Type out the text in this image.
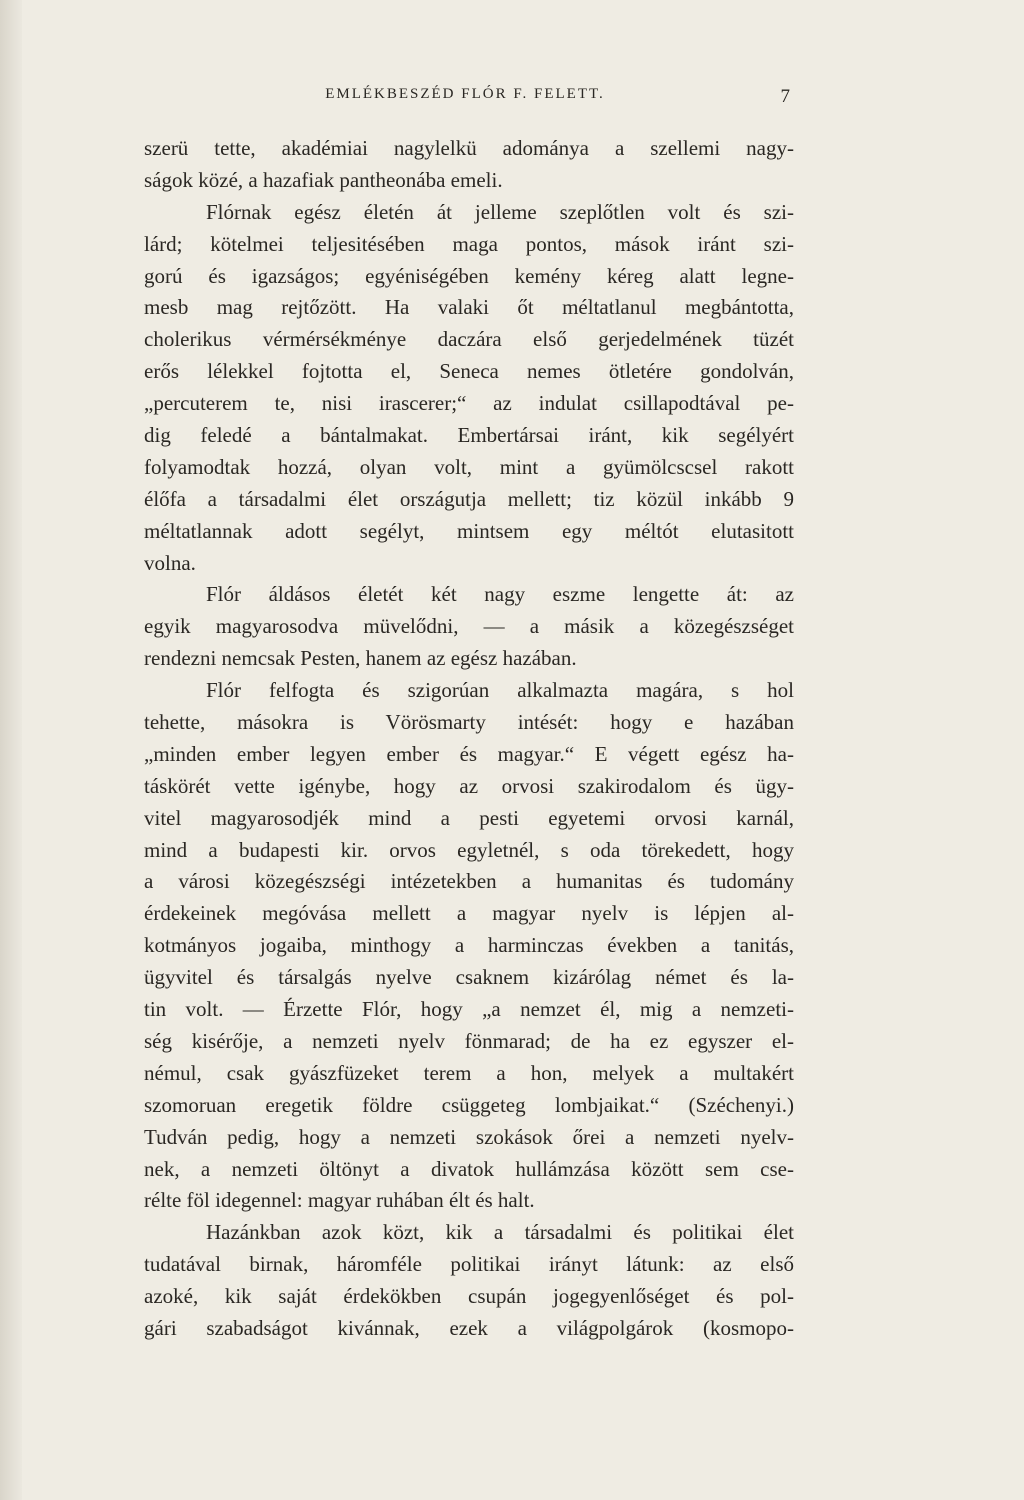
EMLÉKBESZÉD FLÓR F. FELETT.	7
szerü tette, akadémiai nagylelkü adománya a szellemi nagy-
ságok közé, a hazafiak pantheonába emeli.
Flórnak egész életén át jelleme szeplőtlen volt és szi-
lárd; kötelmei teljesitésében maga pontos, mások iránt szi-
gorú és igazságos; egyéniségében kemény kéreg alatt legne-
mesb mag rejtőzött. Ha valaki őt méltatlanul megbántotta,
cholerikus vérmérsékménye daczára első gerjedelmének tüzét
erős lélekkel fojtotta el, Seneca nemes ötletére gondolván,
„percuterem te, nisi irascerer;“ az indulat csillapodtával pe-
dig feledé a bántalmakat. Embertársai iránt, kik segélyért
folyamodtak hozzá, olyan volt, mint a gyümölcscsel rakott
élőfa a társadalmi élet országutja mellett; tiz közül inkább 9
méltatlannak adott segélyt, mintsem egy méltót elutasitott
volna.
Flór áldásos életét két nagy eszme lengette át: az
egyik magyarosodva müvelődni, — a másik a közegészséget
rendezni nemcsak Pesten, hanem az egész hazában.
Flór felfogta és szigorúan alkalmazta magára, s hol
tehette, másokra is Vörösmarty intését: hogy e hazában
„minden ember legyen ember és magyar.“ E végett egész ha-
táskörét vette igénybe, hogy az orvosi szakirodalom és ügy-
vitel magyarosodjék mind a pesti egyetemi orvosi karnál,
mind a budapesti kir. orvos egyletnél, s oda törekedett, hogy
a városi közegészségi intézetekben a humanitas és tudomány
érdekeinek megóvása mellett a magyar nyelv is lépjen al-
kotmányos jogaiba, minthogy a harminczas években a tanitás,
ügyvitel és társalgás nyelve csaknem kizárólag német és la-
tin volt. — Érzette Flór, hogy „a nemzet él, mig a nemzeti-
ség kisérője, a nemzeti nyelv fönmarad; de ha ez egyszer el-
némul, csak gyászfüzeket terem a hon, melyek a multakért
szomoruan eregetik földre csüggeteg lombjaikat.“ (Széchenyi.)
Tudván pedig, hogy a nemzeti szokások őrei a nemzeti nyelv-
nek, a nemzeti öltönyt a divatok hullámzása között sem cse-
rélte föl idegennel: magyar ruhában élt és halt.
Hazánkban azok közt, kik a társadalmi és politikai élet
tudatával birnak, háromféle politikai irányt látunk: az első
azoké, kik saját érdekökben csupán jogegyenlőséget és pol-
gári szabadságot kivánnak, ezek a világpolgárok (kosmopo-
